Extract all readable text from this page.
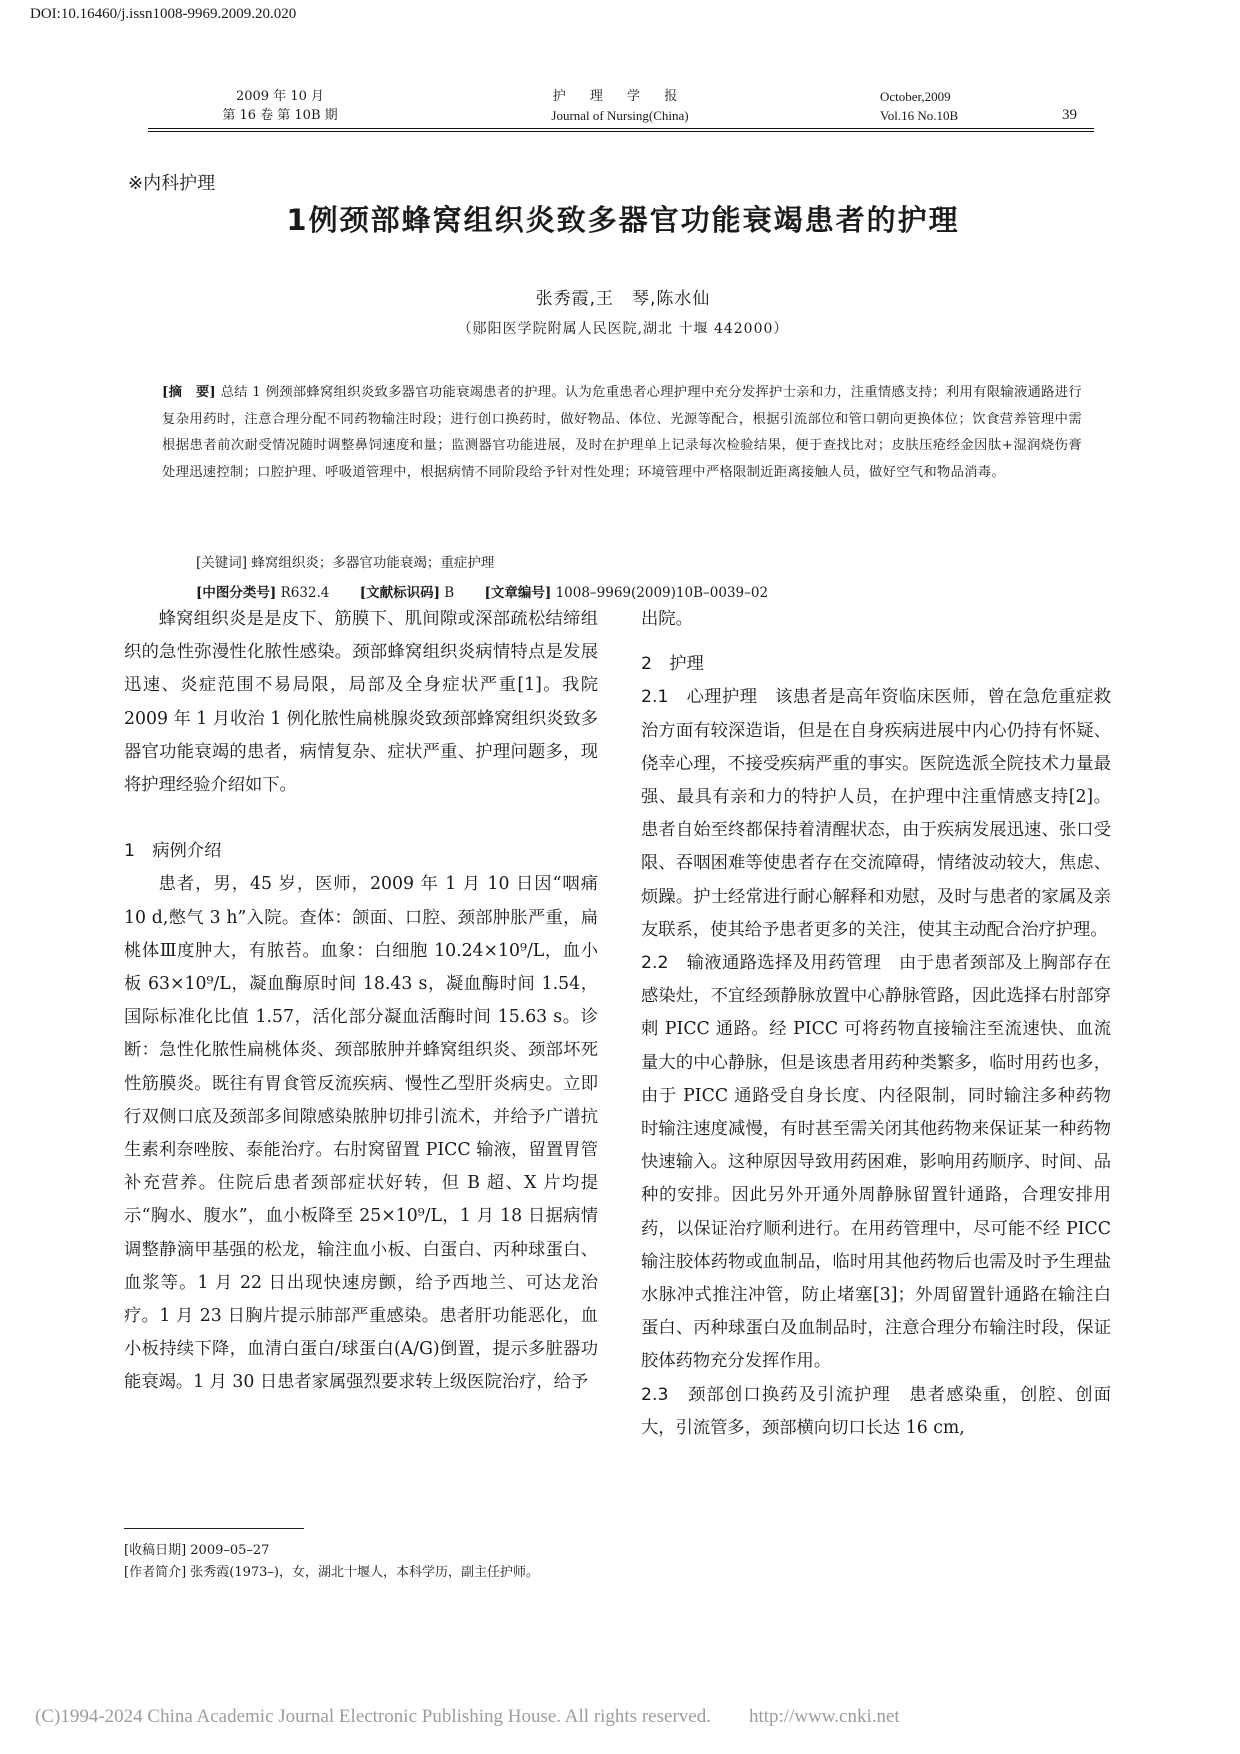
DOI:10.16460/j.issn1008-9969.2009.20.020
2009 年 10 月
第 16 卷 第 10B 期
护 理 学 报
Journal of Nursing(China)
October,2009
Vol.16 No.10B	39
※内科护理
1例颈部蜂窝组织炎致多器官功能衰竭患者的护理
张秀霞,王　琴,陈水仙
（郧阳医学院附属人民医院,湖北 十堰 442000）
[摘　要] 总结 1 例颈部蜂窝组织炎致多器官功能衰竭患者的护理。认为危重患者心理护理中充分发挥护士亲和力，注重情感支持；利用有限输液通路进行复杂用药时，注意合理分配不同药物输注时段；进行创口换药时，做好物品、体位、光源等配合，根据引流部位和管口朝向更换体位；饮食营养管理中需根据患者前次耐受情况随时调整鼻饲速度和量；监测器官功能进展，及时在护理单上记录每次检验结果，便于查找比对；皮肤压疮经金因肽+湿润烧伤膏处理迅速控制；口腔护理、呼吸道管理中，根据病情不同阶段给予针对性处理；环境管理中严格限制近距离接触人员，做好空气和物品消毒。
[关键词] 蜂窝组织炎；多器官功能衰竭；重症护理
[中图分类号] R632.4 [文献标识码] B [文章编号] 1008–9969(2009)10B–0039–02

蜂窝组织炎是是皮下、筋膜下、肌间隙或深部疏松结缔组织的急性弥漫性化脓性感染。颈部蜂窝组织炎病情特点是发展迅速、炎症范围不易局限，局部及全身症状严重[1]。我院 2009 年 1 月收治 1 例化脓性扁桃腺炎致颈部蜂窝组织炎致多器官功能衰竭的患者，病情复杂、症状严重、护理问题多，现将护理经验介绍如下。

1　病例介绍

患者，男，45 岁，医师，2009 年 1 月 10 日因“咽痛 10 d,憋气 3 h”入院。查体：颌面、口腔、颈部肿胀严重，扁桃体Ⅲ度肿大，有脓苔。血象：白细胞 10.24×10⁹/L，血小板 63×10⁹/L，凝血酶原时间 18.43 s，凝血酶时间 1.54，国际标准化比值 1.57，活化部分凝血活酶时间 15.63 s。诊断：急性化脓性扁桃体炎、颈部脓肿并蜂窝组织炎、颈部坏死性筋膜炎。既往有胃食管反流疾病、慢性乙型肝炎病史。立即行双侧口底及颈部多间隙感染脓肿切排引流术，并给予广谱抗生素利奈唑胺、泰能治疗。右肘窝留置 PICC 输液，留置胃管补充营养。住院后患者颈部症状好转，但 B 超、X 片均提示“胸水、腹水”，血小板降至 25×10⁹/L，1 月 18 日据病情调整静滴甲基强的松龙，输注血小板、白蛋白、丙种球蛋白、血浆等。1 月 22 日出现快速房颤，给予西地兰、可达龙治疗。1 月 23 日胸片提示肺部严重感染。患者肝功能恶化，血小板持续下降，血清白蛋白/球蛋白(A/G)倒置，提示多脏器功能衰竭。1 月 30 日患者家属强烈要求转上级医院治疗，给予

出院。

2　护理

2.1　心理护理　 该患者是高年资临床医师，曾在急危重症救治方面有较深造诣，但是在自身疾病进展中内心仍持有怀疑、侥幸心理，不接受疾病严重的事实。医院选派全院技术力量最强、最具有亲和力的特护人员，在护理中注重情感支持[2]。患者自始至终都保持着清醒状态，由于疾病发展迅速、张口受限、吞咽困难等使患者存在交流障碍，情绪波动较大，焦虑、烦躁。护士经常进行耐心解释和劝慰，及时与患者的家属及亲友联系，使其给予患者更多的关注，使其主动配合治疗护理。

2.2　输液通路选择及用药管理　 由于患者颈部及上胸部存在感染灶，不宜经颈静脉放置中心静脉管路，因此选择右肘部穿刺 PICC 通路。经 PICC 可将药物直接输注至流速快、血流量大的中心静脉，但是该患者用药种类繁多，临时用药也多，由于 PICC 通路受自身长度、内径限制，同时输注多种药物时输注速度减慢，有时甚至需关闭其他药物来保证某一种药物快速输入。这种原因导致用药困难，影响用药顺序、时间、品种的安排。因此另外开通外周静脉留置针通路，合理安排用药，以保证治疗顺利进行。在用药管理中，尽可能不经 PICC 输注胶体药物或血制品，临时用其他药物后也需及时予生理盐水脉冲式推注冲管，防止堵塞[3]；外周留置针通路在输注白蛋白、丙种球蛋白及血制品时，注意合理分布输注时段，保证胶体药物充分发挥作用。

2.3　颈部创口换药及引流护理　 患者感染重，创腔、创面大，引流管多，颈部横向切口长达 16 cm,

[收稿日期] 2009–05–27
[作者简介] 张秀霞(1973–)，女，湖北十堰人，本科学历，副主任护师。
(C)1994-2024 China Academic Journal Electronic Publishing House. All rights reserved.　　http://www.cnki.net
